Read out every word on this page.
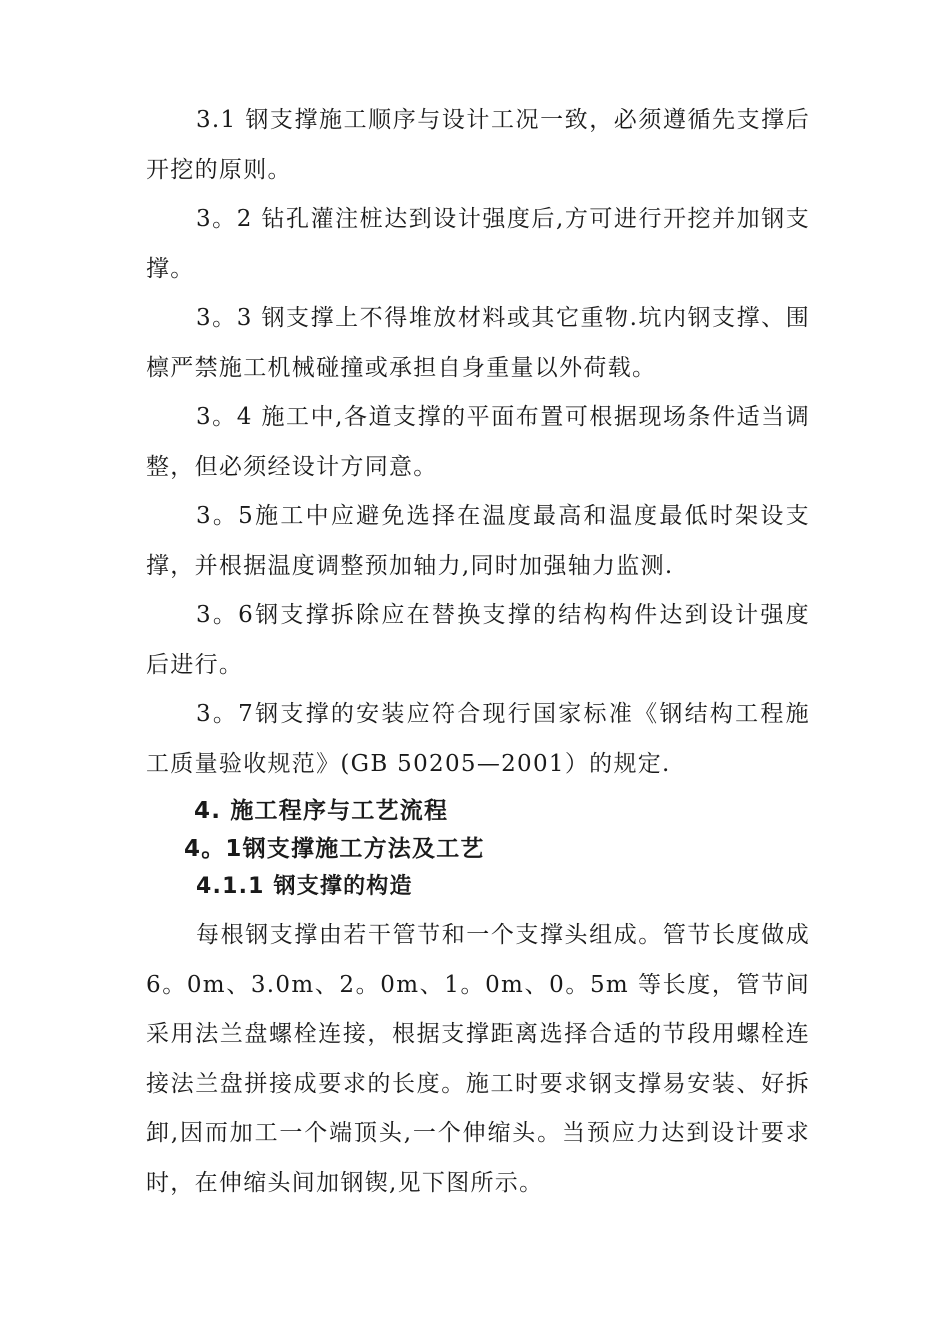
3.1 钢支撑施工顺序与设计工况一致，必须遵循先支撑后开挖的原则。

3。2 钻孔灌注桩达到设计强度后,方可进行开挖并加钢支撑。

3。3 钢支撑上不得堆放材料或其它重物.坑内钢支撑、围檩严禁施工机械碰撞或承担自身重量以外荷载。

3。4 施工中,各道支撑的平面布置可根据现场条件适当调整，但必须经设计方同意。

3。5施工中应避免选择在温度最高和温度最低时架设支撑，并根据温度调整预加轴力,同时加强轴力监测.

3。6钢支撑拆除应在替换支撑的结构构件达到设计强度后进行。

3。7钢支撑的安装应符合现行国家标准《钢结构工程施工质量验收规范》(GB 50205—2001）的规定.

4. 施工程序与工艺流程
4。1钢支撑施工方法及工艺
4.1.1 钢支撑的构造

每根钢支撑由若干管节和一个支撑头组成。管节长度做成 6。0m、3.0m、2。0m、1。0m、0。5m 等长度，管节间采用法兰盘螺栓连接，根据支撑距离选择合适的节段用螺栓连接法兰盘拼接成要求的长度。施工时要求钢支撑易安装、好拆卸,因而加工一个端顶头,一个伸缩头。当预应力达到设计要求时，在伸缩头间加钢锲,见下图所示。
